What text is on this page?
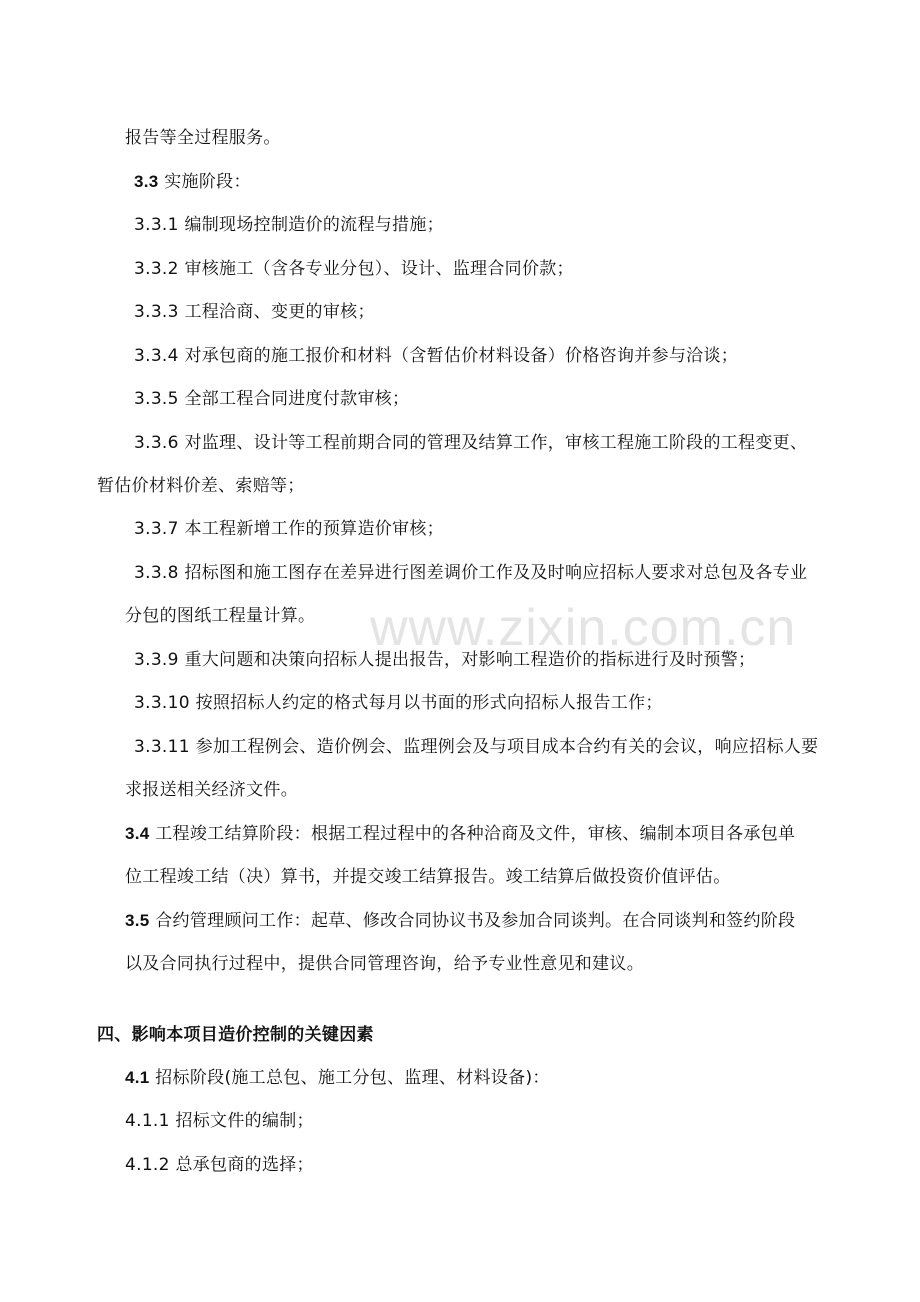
www.zixin.com.cn
报告等全过程服务。
3.3 实施阶段：
3.3.1 编制现场控制造价的流程与措施；
3.3.2 审核施工（含各专业分包）、设计、监理合同价款；
3.3.3 工程洽商、变更的审核；
3.3.4 对承包商的施工报价和材料（含暂估价材料设备）价格咨询并参与洽谈；
3.3.5 全部工程合同进度付款审核；
3.3.6 对监理、设计等工程前期合同的管理及结算工作，审核工程施工阶段的工程变更、
暂估价材料价差、索赔等；
3.3.7 本工程新增工作的预算造价审核；
3.3.8 招标图和施工图存在差异进行图差调价工作及及时响应招标人要求对总包及各专业
分包的图纸工程量计算。
3.3.9 重大问题和决策向招标人提出报告，对影响工程造价的指标进行及时预警；
3.3.10 按照招标人约定的格式每月以书面的形式向招标人报告工作；
3.3.11 参加工程例会、造价例会、监理例会及与项目成本合约有关的会议，响应招标人要
求报送相关经济文件。
3.4 工程竣工结算阶段：根据工程过程中的各种洽商及文件，审核、编制本项目各承包单
位工程竣工结（决）算书，并提交竣工结算报告。竣工结算后做投资价值评估。
3.5 合约管理顾问工作：起草、修改合同协议书及参加合同谈判。在合同谈判和签约阶段
以及合同执行过程中，提供合同管理咨询，给予专业性意见和建议。
四、影响本项目造价控制的关键因素
4.1 招标阶段(施工总包、施工分包、监理、材料设备)：
4.1.1 招标文件的编制；
4.1.2 总承包商的选择；
